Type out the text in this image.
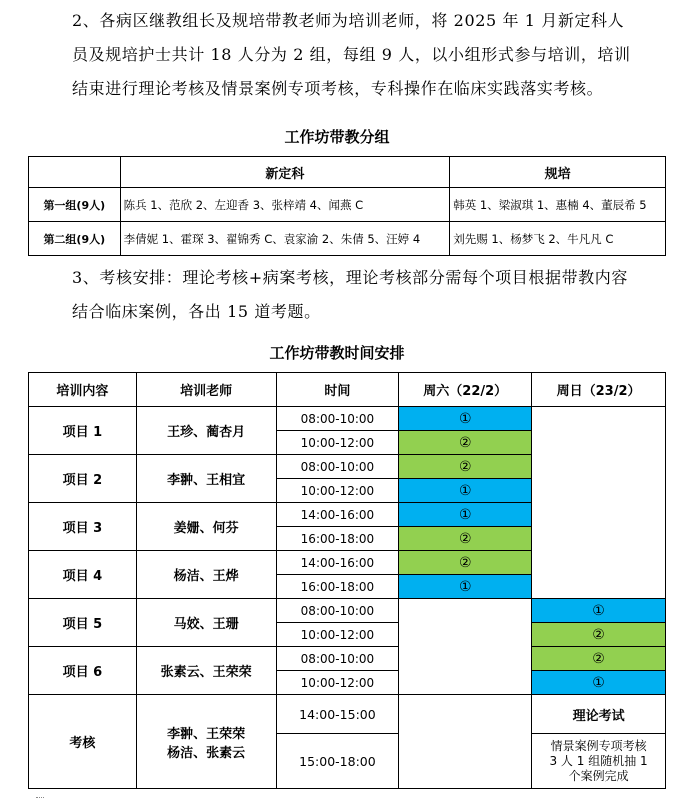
2、各病区继教组长及规培带教老师为培训老师，将 2025 年 1 月新定科人员及规培护士共计 18 人分为 2 组，每组 9 人，以小组形式参与培训，培训结束进行理论考核及情景案例专项考核，专科操作在临床实践落实考核。

工作坊带教分组
	新定科	规培
第一组(9人)	陈兵 1、范欣 2、左迎香 3、张梓靖 4、闻燕 C	韩英 1、梁淑琪 1、惠楠 4、董辰希 5
第二组(9人)	李倩妮 1、霍琛 3、翟锦秀 C、袁家渝 2、朱倩 5、汪婷 4	刘先赐 1、杨梦飞 2、牛凡凡 C

3、考核安排：理论考核+病案考核，理论考核部分需每个项目根据带教内容结合临床案例，各出 15 道考题。

工作坊带教时间安排
培训内容	培训老师	时间	周六（22/2）	周日（23/2）
项目 1	王珍、蔺杏月	08:00-10:00	①	
		10:00-12:00	②	
项目 2	李翀、王相宜	08:00-10:00	②	
		10:00-12:00	①	
项目 3	姜姗、何芬	14:00-16:00	①	
		16:00-18:00	②	
项目 4	杨洁、王烨	14:00-16:00	②	
		16:00-18:00	①	
项目 5	马姣、王珊	08:00-10:00		①
		10:00-12:00		②
项目 6	张素云、王荣荣	08:00-10:00		②
		10:00-12:00		①
考核	李翀、王荣荣
杨洁、张素云	14:00-15:00		理论考试
		15:00-18:00		情景案例专项考核
3 人 1 组随机抽 1
个案例完成
